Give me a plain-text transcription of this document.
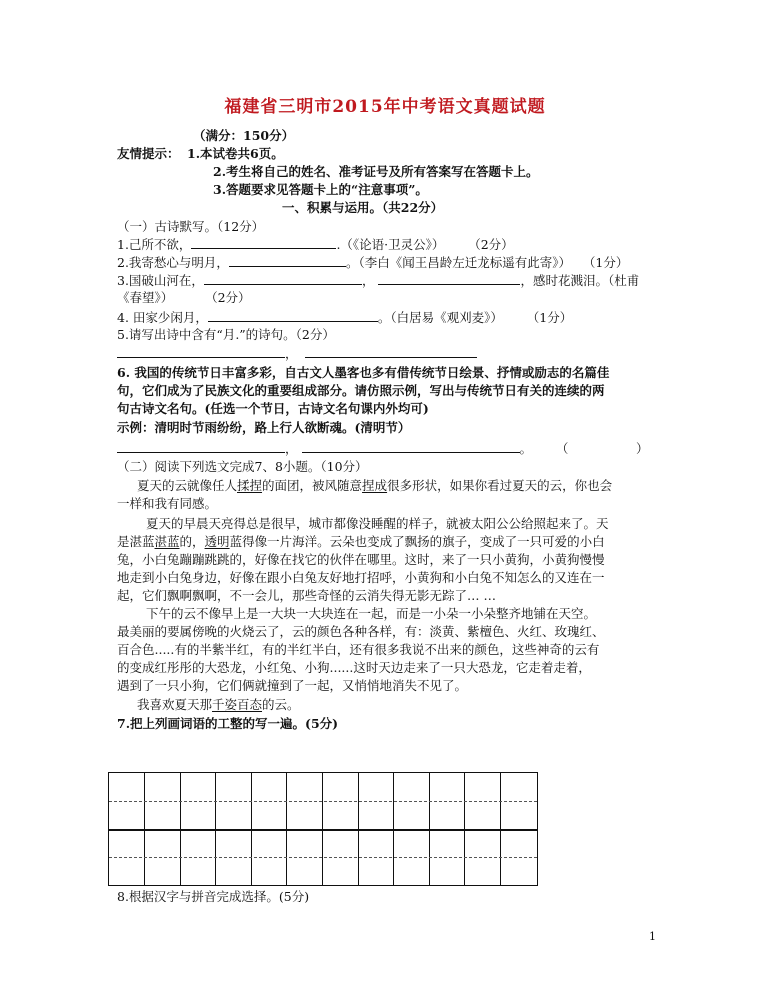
福建省三明市2015年中考语文真题试题
（满分：150分）
友情提示： 1.本试卷共6页。
2.考生将自己的姓名、准考证号及所有答案写在答题卡上。
3.答题要求见答题卡上的“注意事项”。
一、积累与运用。（共22分）
（一）古诗默写。（12分）
1.己所不欲，	.（《论语·卫灵公》） （2分）
2.我寄愁心与明月，	。（李白《闻王昌龄左迁龙标遥有此寄》） （1分）
3.国破山河在，	，	，感时花溅泪。（杜甫
《春望》）	（2分）
4. 田家少闲月，	。（白居易《观刈麦》） （1分）
5.请写出诗中含有“月.”的诗句。（2分）
，
6. 我国的传统节日丰富多彩，自古文人墨客也多有借传统节日绘景、抒情或励志的名篇佳
句，它们成为了民族文化的重要组成部分。请仿照示例，写出与传统节日有关的连续的两
句古诗文名句。(任选一个节日，古诗文名句课内外均可)
示例：清明时节雨纷纷，路上行人欲断魂。(清明节）
，	。 （	）
（二）阅读下列选文完成7、8小题。（10分）
夏天的云就像任人揉捏的面团，被风随意捏成很多形状，如果你看过夏天的云，你也会
一样和我有同感。
夏天的早晨天亮得总是很早，城市都像没睡醒的样子，就被太阳公公给照起来了。天
是湛蓝湛蓝的，透明蓝得像一片海洋。云朵也变成了飘扬的旗子，变成了一只可爱的小白
兔，小白兔蹦蹦跳跳的，好像在找它的伙伴在哪里。这时，来了一只小黄狗，小黄狗慢慢
地走到小白兔身边，好像在跟小白兔友好地打招呼，小黄狗和小白兔不知怎么的又连在一
起，它们飘啊飘啊，不一会儿，那些奇怪的云消失得无影无踪了… …
下午的云不像早上是一大块一大块连在一起，而是一小朵一小朵整齐地铺在天空。
最美丽的要属傍晚的火烧云了，云的颜色各种各样，有：淡黄、紫檀色、火红、玫瑰红、
百合色.....有的半紫半红，有的半红半白，还有很多我说不出来的颜色，这些神奇的云有
的变成红彤彤的大恐龙，小红兔、小狗......这时天边走来了一只大恐龙，它走着走着，
遇到了一只小狗，它们俩就撞到了一起，又悄悄地消失不见了。
我喜欢夏天那千姿百态的云。
7.把上列画词语的工整的写一遍。(5分)
8.根据汉字与拼音完成选择。(5分)
1
